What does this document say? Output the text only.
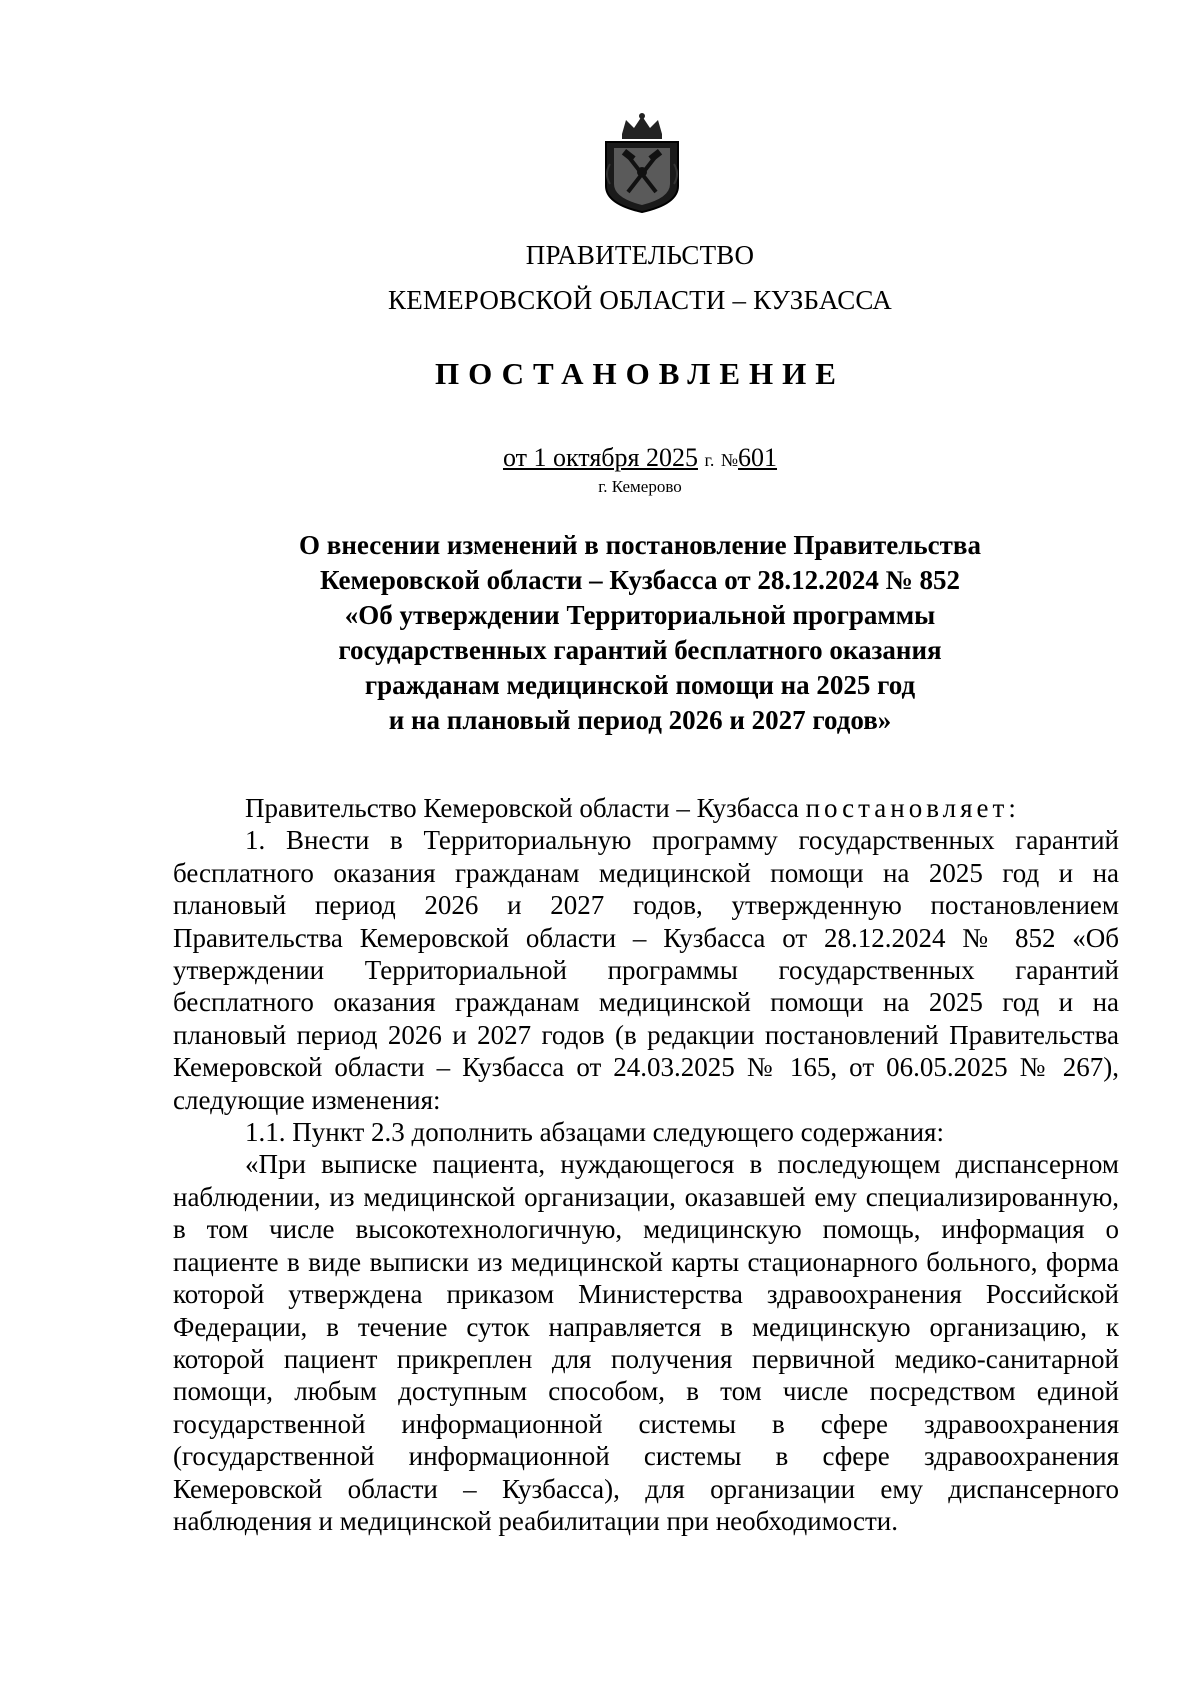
ПРАВИТЕЛЬСТВО
КЕМЕРОВСКОЙ ОБЛАСТИ – КУЗБАССА
ПОСТАНОВЛЕНИЕ
от 1 октября 2025 г. №601
г. Кемерово
О внесении изменений в постановление Правительства
Кемеровской области – Кузбасса от 28.12.2024 № 852
«Об утверждении Территориальной программы
государственных гарантий бесплатного оказания
гражданам медицинской помощи на 2025 год
и на плановый период 2026 и 2027 годов»

Правительство Кемеровской области – Кузбасса постановляет:

1. Внести в Территориальную программу государственных гарантий бесплатного оказания гражданам медицинской помощи на 2025 год и на плановый период 2026 и 2027 годов, утвержденную постановлением Правительства Кемеровской области – Кузбасса от 28.12.2024 № 852 «Об утверждении Территориальной программы государственных гарантий бесплатного оказания гражданам медицинской помощи на 2025 год и на плановый период 2026 и 2027 годов (в редакции постановлений Правительства Кемеровской области – Кузбасса от 24.03.2025 № 165, от 06.05.2025 № 267), следующие изменения:

1.1. Пункт 2.3 дополнить абзацами следующего содержания:

«При выписке пациента, нуждающегося в последующем диспансерном наблюдении, из медицинской организации, оказавшей ему специализированную, в том числе высокотехнологичную, медицинскую помощь, информация о пациенте в виде выписки из медицинской карты стационарного больного, форма которой утверждена приказом Министерства здравоохранения Российской Федерации, в течение суток направляется в медицинскую организацию, к которой пациент прикреплен для получения первичной медико-санитарной помощи, любым доступным способом, в том числе посредством единой государственной информационной системы в сфере здравоохранения (государственной информационной системы в сфере здравоохранения Кемеровской области – Кузбасса), для организации ему диспансерного наблюдения и медицинской реабилитации при необходимости.
